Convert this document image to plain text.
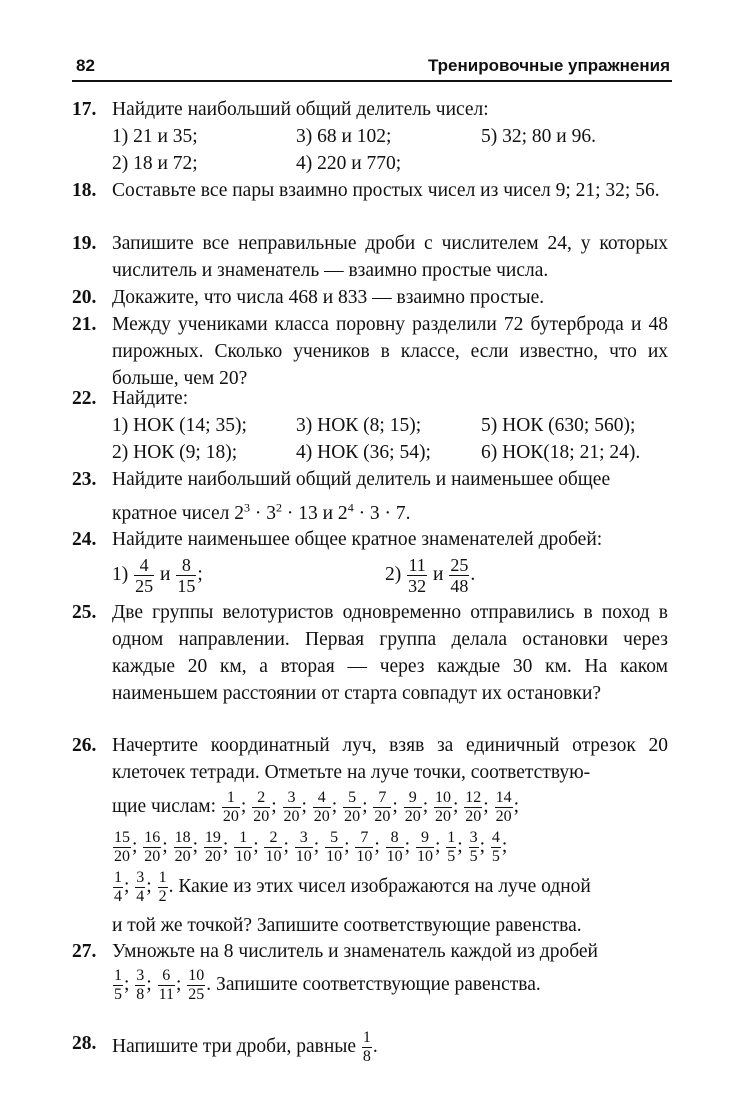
82	Тренировочные упражнения
17. Найдите наибольший общий делитель чисел:
1) 21 и 35;	3) 68 и 102;	5) 32; 80 и 96.
2) 18 и 72;	4) 220 и 770;
18. Составьте все пары взаимно простых чисел из чисел 9; 21; 32; 56.
19. Запишите все неправильные дроби с числителем 24, у которых числитель и знаменатель — взаимно простые числа.
20. Докажите, что числа 468 и 833 — взаимно простые.
21. Между учениками класса поровну разделили 72 бутерброда и 48 пирожных. Сколько учеников в классе, если известно, что их больше, чем 20?
22. Найдите:
1) НОК (14; 35);	3) НОК (8; 15);	5) НОК (630; 560);
2) НОК (9; 18);	4) НОК (36; 54);	6) НОК(18; 21; 24).
23. Найдите наибольший общий делитель и наименьшее общее
кратное чисел $2^3 \cdot 3^2 \cdot 13$ и $2^4 \cdot 3 \cdot 7$.
24. Найдите наименьшее общее кратное знаменателей дробей:
$1) \frac{4}{25}$ и $\frac{8}{15}$ ;	$2) \frac{11}{32}$ и $\frac{25}{48}$ .
25. Две группы велотуристов одновременно отправились в поход в одном направлении. Первая группа делала остановки через каждые 20 км, а вторая — через каждые 30 км. На каком наименьшем расстоянии от старта совпадут их остановки?
26. Начертите координатный луч, взяв за единичный отрезок 20 клеточек тетради. Отметьте на луче точки, соответствую-
щие числам: $\frac{1}{20}$ ; $\frac{2}{20}$ ; $\frac{3}{20}$ ; $\frac{4}{20}$ ; $\frac{5}{20}$ ; $\frac{7}{20}$ ; $\frac{9}{20}$ ; $\frac{10}{20}$ ; $\frac{12}{20}$ ; $\frac{14}{20}$ ;
$\frac{15}{20}$ ; $\frac{16}{20}$ ; $\frac{18}{20}$ ; $\frac{19}{20}$ ; $\frac{1}{10}$ ; $\frac{2}{10}$ ; $\frac{3}{10}$ ; $\frac{5}{10}$ ; $\frac{7}{10}$ ; $\frac{8}{10}$ ; $\frac{9}{10}$ ; $\frac{1}{5}$ ; $\frac{3}{5}$ ; $\frac{4}{5}$ ;
$\frac{1}{4}$ ; $\frac{3}{4}$ ; $\frac{1}{2}$ . Какие из этих чисел изображаются на луче одной
и той же точкой? Запишите соответствующие равенства.
27. Умножьте на 8 числитель и знаменатель каждой из дробей
$\frac{1}{5}$ ; $\frac{3}{8}$ ; $\frac{6}{11}$ ; $\frac{10}{25}$ . Запишите соответствующие равенства.
28. Напишите три дроби, равные $\frac{1}{8}$ .
